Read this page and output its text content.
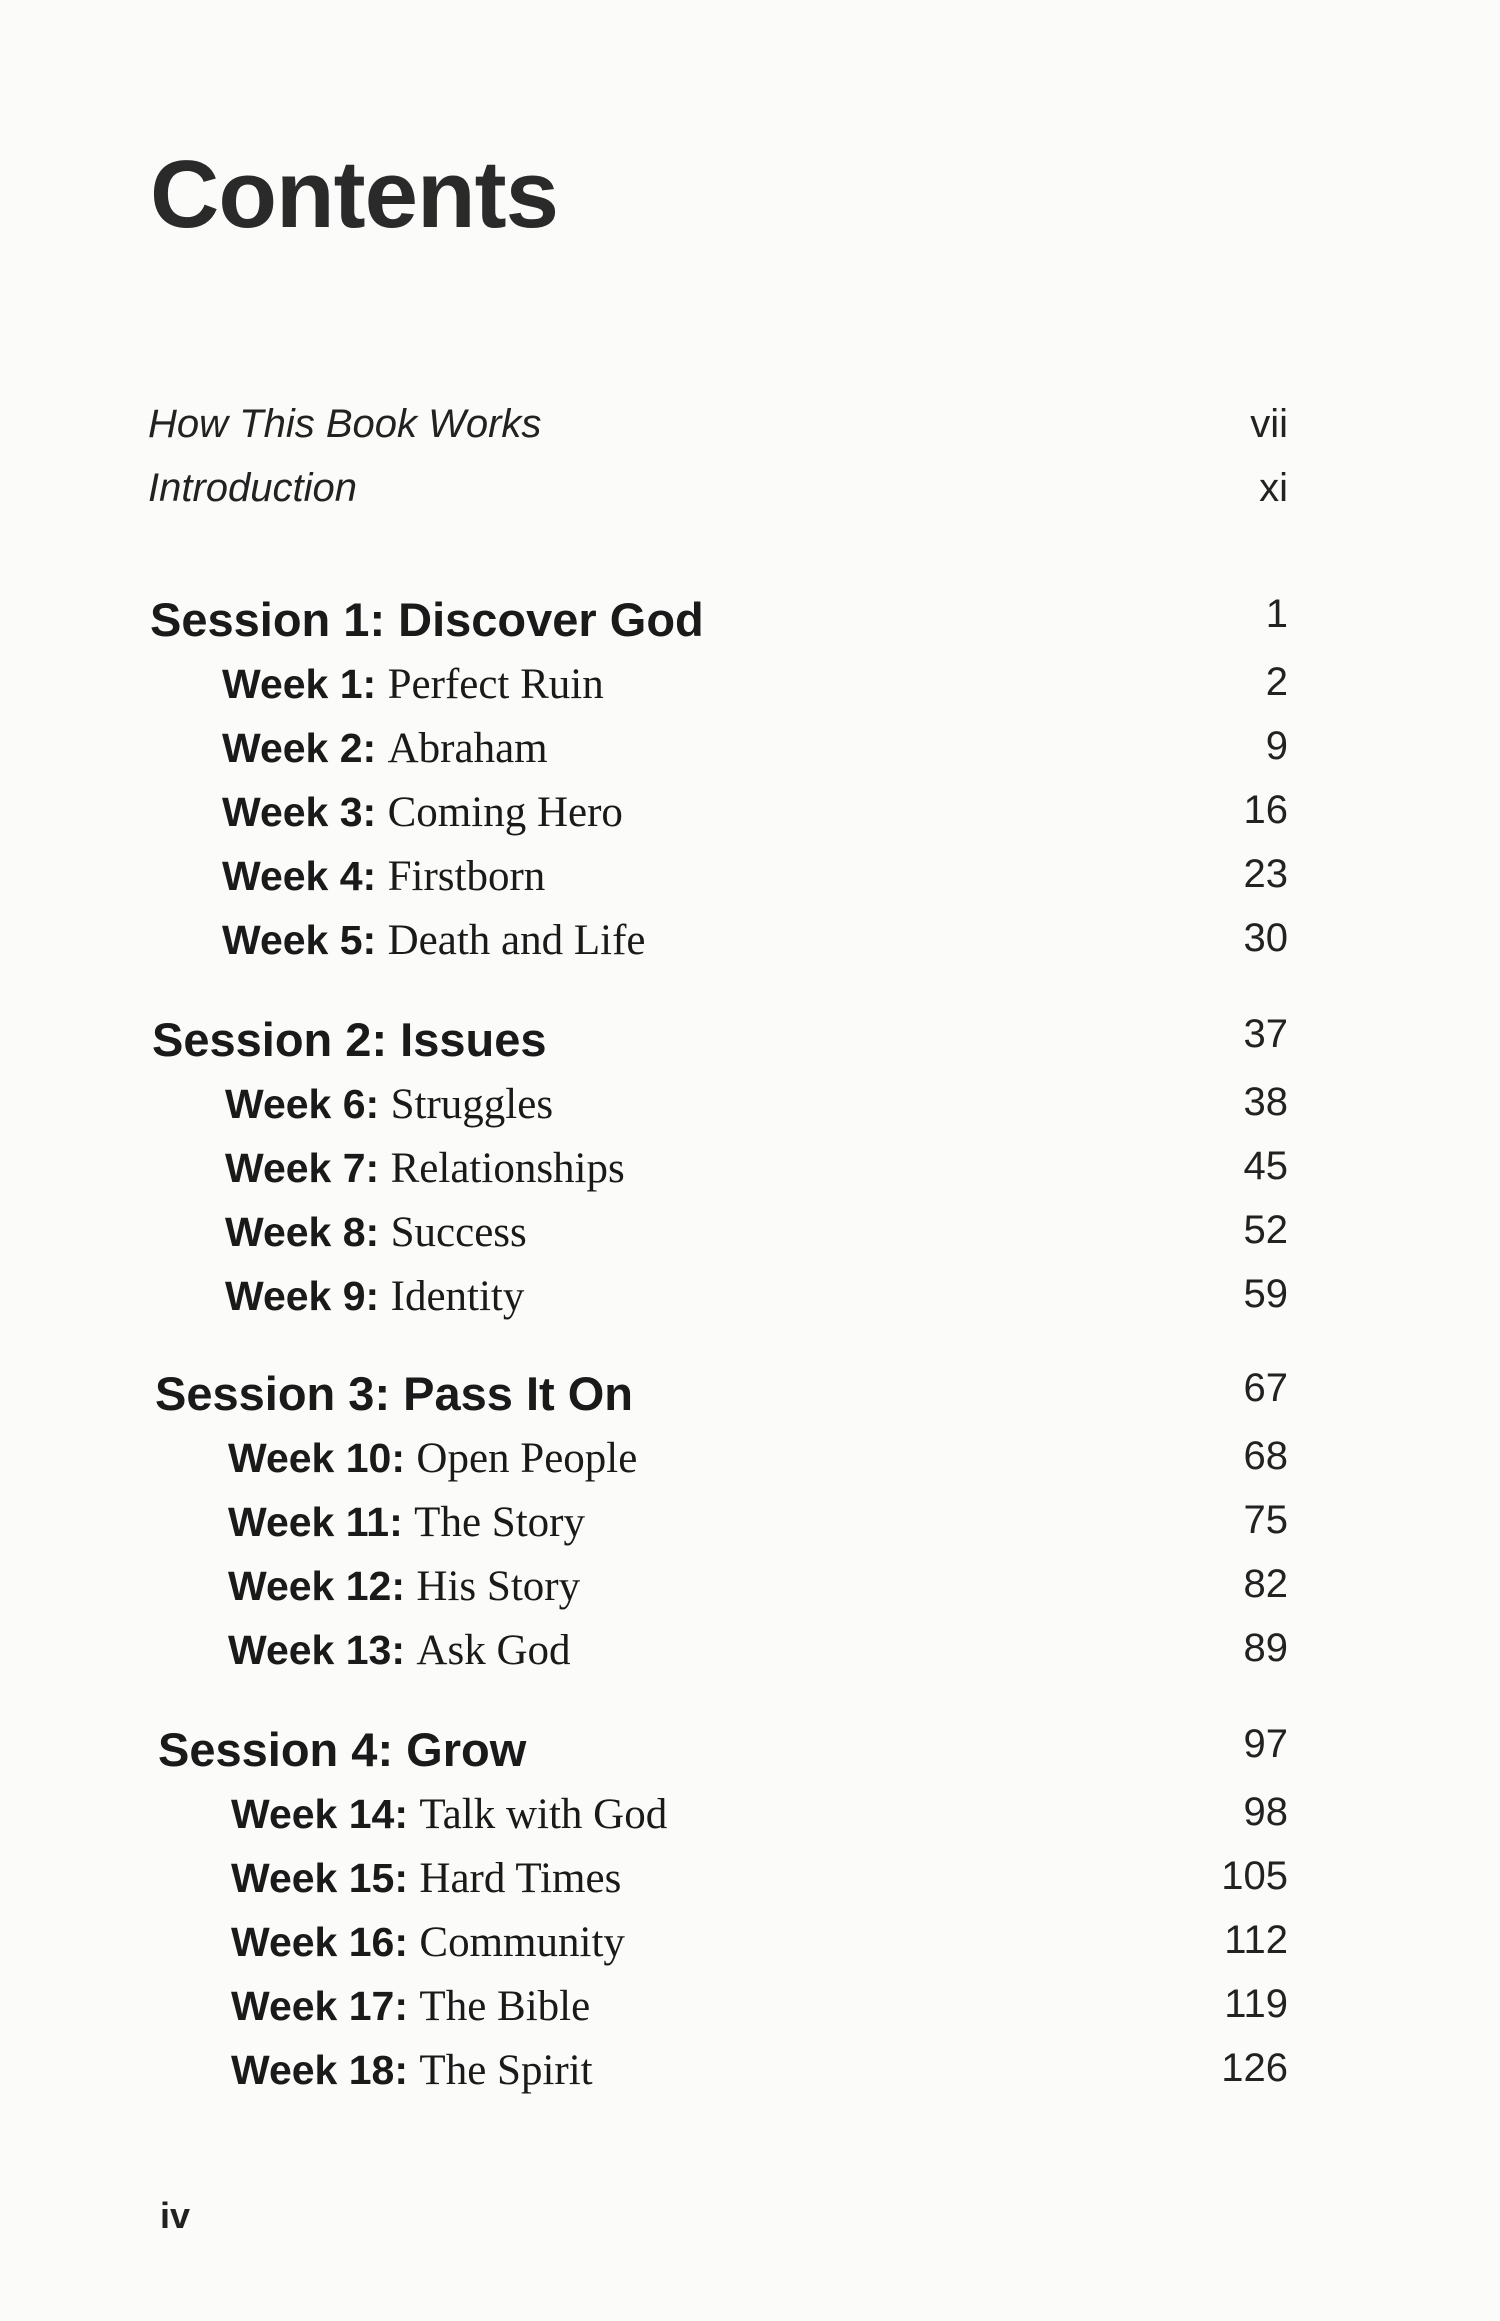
Contents
How This Book Works	vii
Introduction	xi
Session 1: Discover God	1
Week 1: Perfect Ruin	2
Week 2: Abraham	9
Week 3: Coming Hero	16
Week 4: Firstborn	23
Week 5: Death and Life	30
Session 2: Issues	37
Week 6: Struggles	38
Week 7: Relationships	45
Week 8: Success	52
Week 9: Identity	59
Session 3: Pass It On	67
Week 10: Open People	68
Week 11: The Story	75
Week 12: His Story	82
Week 13: Ask God	89
Session 4: Grow	97
Week 14: Talk with God	98
Week 15: Hard Times	105
Week 16: Community	112
Week 17: The Bible	119
Week 18: The Spirit	126
iv
